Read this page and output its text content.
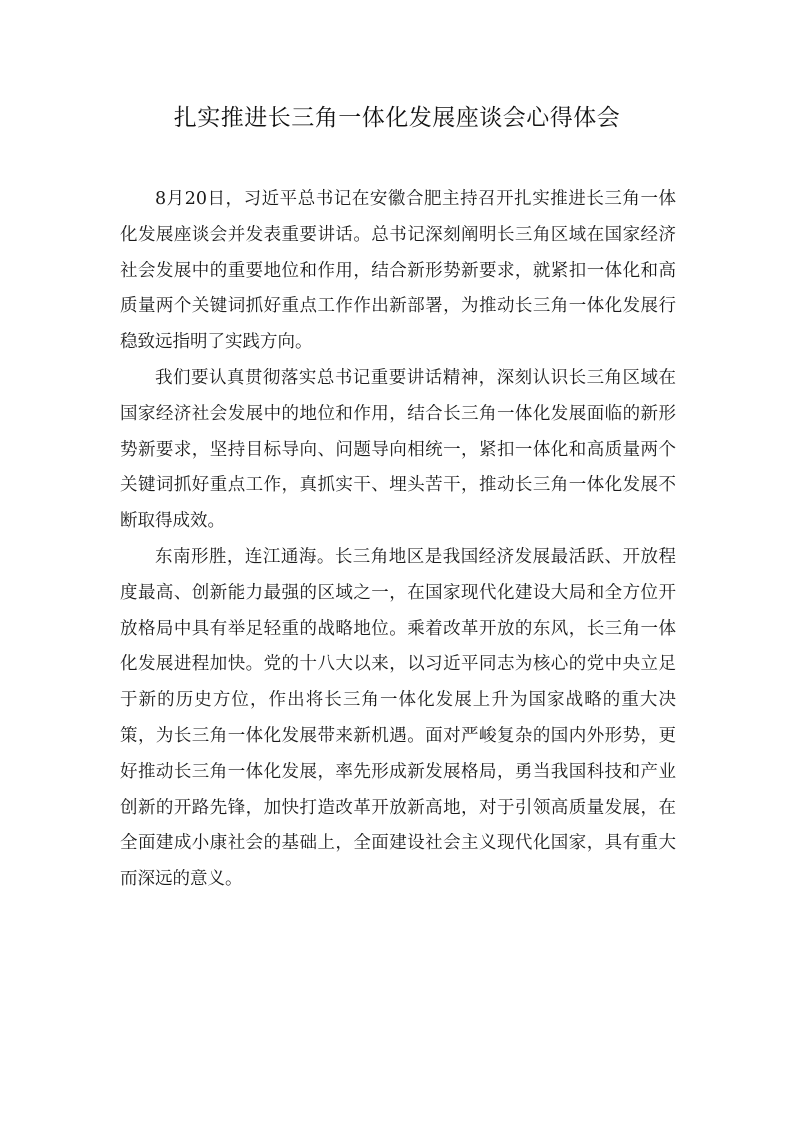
扎实推进长三角一体化发展座谈会心得体会

8月20日，习近平总书记在安徽合肥主持召开扎实推进长三角一体化发展座谈会并发表重要讲话。总书记深刻阐明长三角区域在国家经济社会发展中的重要地位和作用，结合新形势新要求，就紧扣一体化和高质量两个关键词抓好重点工作作出新部署，为推动长三角一体化发展行稳致远指明了实践方向。

我们要认真贯彻落实总书记重要讲话精神，深刻认识长三角区域在国家经济社会发展中的地位和作用，结合长三角一体化发展面临的新形势新要求，坚持目标导向、问题导向相统一，紧扣一体化和高质量两个关键词抓好重点工作，真抓实干、埋头苦干，推动长三角一体化发展不断取得成效。

东南形胜，连江通海。长三角地区是我国经济发展最活跃、开放程度最高、创新能力最强的区域之一，在国家现代化建设大局和全方位开放格局中具有举足轻重的战略地位。乘着改革开放的东风，长三角一体化发展进程加快。党的十八大以来，以习近平同志为核心的党中央立足于新的历史方位，作出将长三角一体化发展上升为国家战略的重大决策，为长三角一体化发展带来新机遇。面对严峻复杂的国内外形势，更好推动长三角一体化发展，率先形成新发展格局，勇当我国科技和产业创新的开路先锋，加快打造改革开放新高地，对于引领高质量发展，在全面建成小康社会的基础上，全面建设社会主义现代化国家，具有重大而深远的意义。
